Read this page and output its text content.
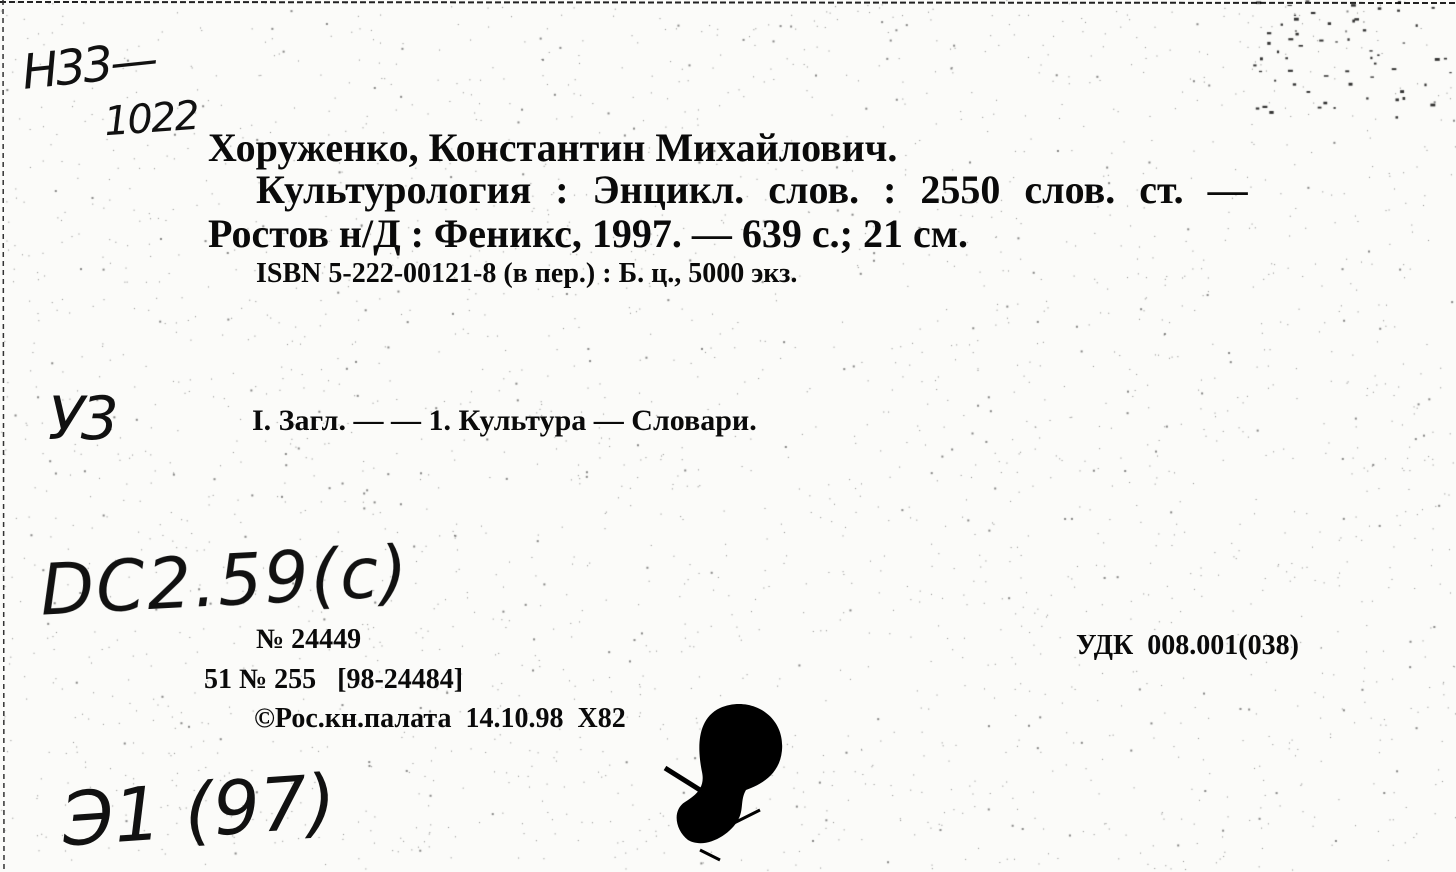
Н33—
1022
У3
DC2.59(c)
Э1 (97)
Хоруженко, Константин Михайлович.
Культурология : Энцикл. слов. : 2550 слов. ст. —
Ростов н/Д : Феникс, 1997. — 639 с.; 21 см.
ISBN 5-222-00121-8 (в пер.) : Б. ц., 5000 экз.
I. Загл. — — 1. Культура — Словари.
№ 24449
51 № 255   [98-24484]
©Рос.кн.палата  14.10.98  Х82
УДК  008.001(038)
